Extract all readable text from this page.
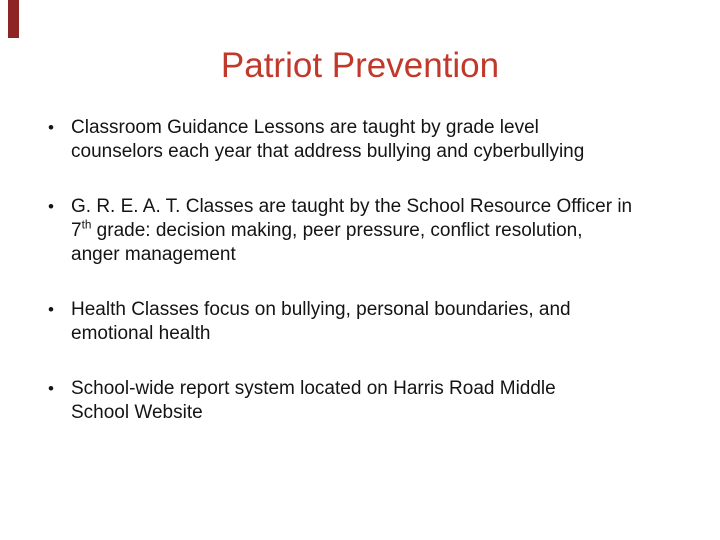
Patriot Prevention
• Classroom Guidance Lessons are taught by grade level
counselors each year that address bullying and cyberbullying
• G. R. E. A. T. Classes are taught by the School Resource Officer in
7th grade: decision making, peer pressure, conflict resolution,
anger management
• Health Classes focus on bullying, personal boundaries, and
emotional health
• School-wide report system located on Harris Road Middle
School Website
